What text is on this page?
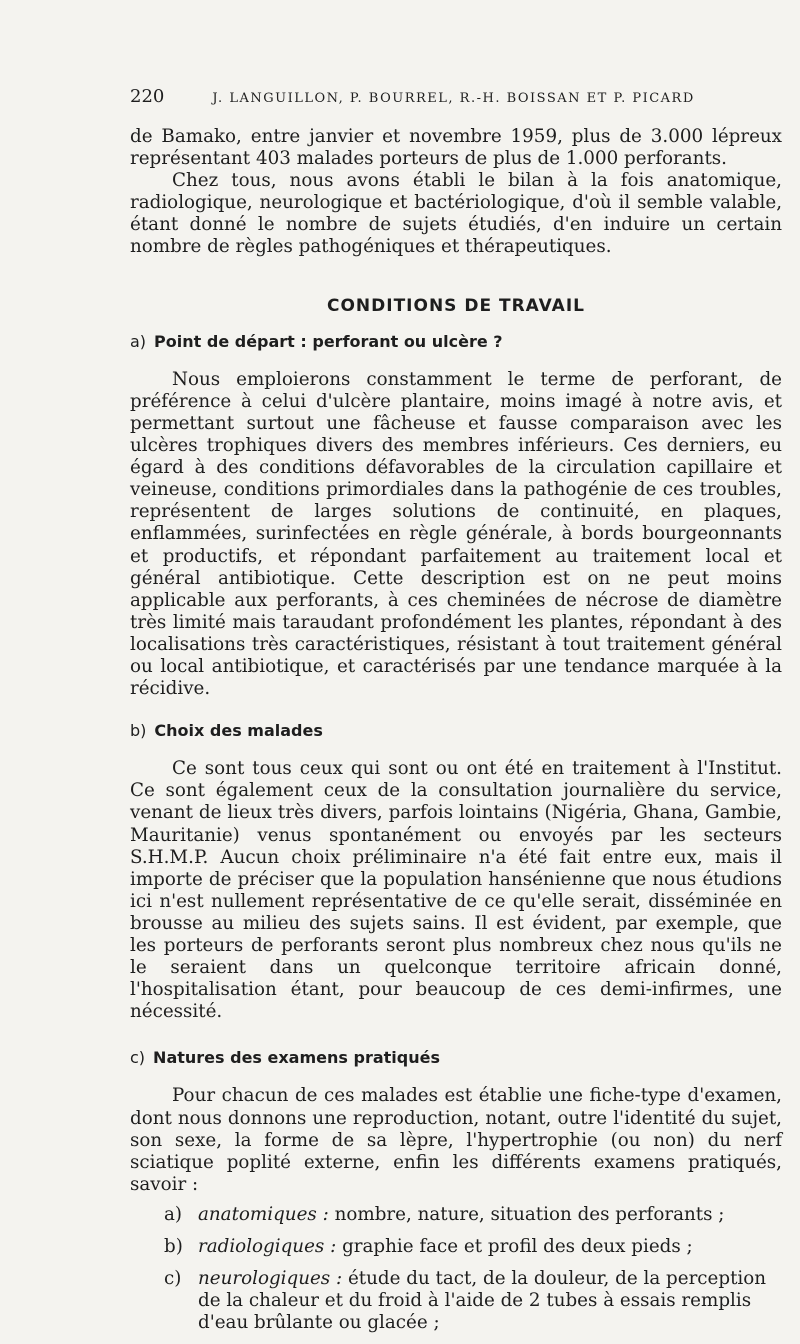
220	J. LANGUILLON, P. BOURREL, R.-H. BOISSAN ET P. PICARD

de Bamako, entre janvier et novembre 1959, plus de 3.000 lépreux représentant 403 malades porteurs de plus de 1.000 perforants.

Chez tous, nous avons établi le bilan à la fois anatomique, radiologique, neurologique et bactériologique, d'où il semble valable, étant donné le nombre de sujets étudiés, d'en induire un certain nombre de règles pathogéniques et thérapeutiques.

CONDITIONS DE TRAVAIL
a) Point de départ : perforant ou ulcère ?

Nous emploierons constamment le terme de perforant, de préférence à celui d'ulcère plantaire, moins imagé à notre avis, et permettant surtout une fâcheuse et fausse comparaison avec les ulcères trophiques divers des membres inférieurs. Ces derniers, eu égard à des conditions défavorables de la circulation capillaire et veineuse, conditions primordiales dans la pathogénie de ces troubles, représentent de larges solutions de continuité, en plaques, enflammées, surinfectées en règle générale, à bords bourgeonnants et productifs, et répondant parfaitement au traitement local et général antibiotique. Cette description est on ne peut moins applicable aux perforants, à ces cheminées de nécrose de diamètre très limité mais taraudant profondément les plantes, répondant à des localisations très caractéristiques, résistant à tout traitement général ou local antibiotique, et caractérisés par une tendance marquée à la récidive.

b) Choix des malades

Ce sont tous ceux qui sont ou ont été en traitement à l'Institut. Ce sont également ceux de la consultation journalière du service, venant de lieux très divers, parfois lointains (Nigéria, Ghana, Gambie, Mauritanie) venus spontanément ou envoyés par les secteurs S.H.M.P. Aucun choix préliminaire n'a été fait entre eux, mais il importe de préciser que la population hansénienne que nous étudions ici n'est nullement représentative de ce qu'elle serait, disséminée en brousse au milieu des sujets sains. Il est évident, par exemple, que les porteurs de perforants seront plus nombreux chez nous qu'ils ne le seraient dans un quelconque territoire africain donné, l'hospitalisation étant, pour beaucoup de ces demi-infirmes, une nécessité.

c) Natures des examens pratiqués

Pour chacun de ces malades est établie une fiche-type d'examen, dont nous donnons une reproduction, notant, outre l'identité du sujet, son sexe, la forme de sa lèpre, l'hypertrophie (ou non) du nerf sciatique poplité externe, enfin les différents examens pratiqués, savoir :

a) anatomiques : nombre, nature, situation des perforants ;
b) radiologiques : graphie face et profil des deux pieds ;
c) neurologiques : étude du tact, de la douleur, de la perception de la chaleur et du froid à l'aide de 2 tubes à essais remplis d'eau brûlante ou glacée ;
